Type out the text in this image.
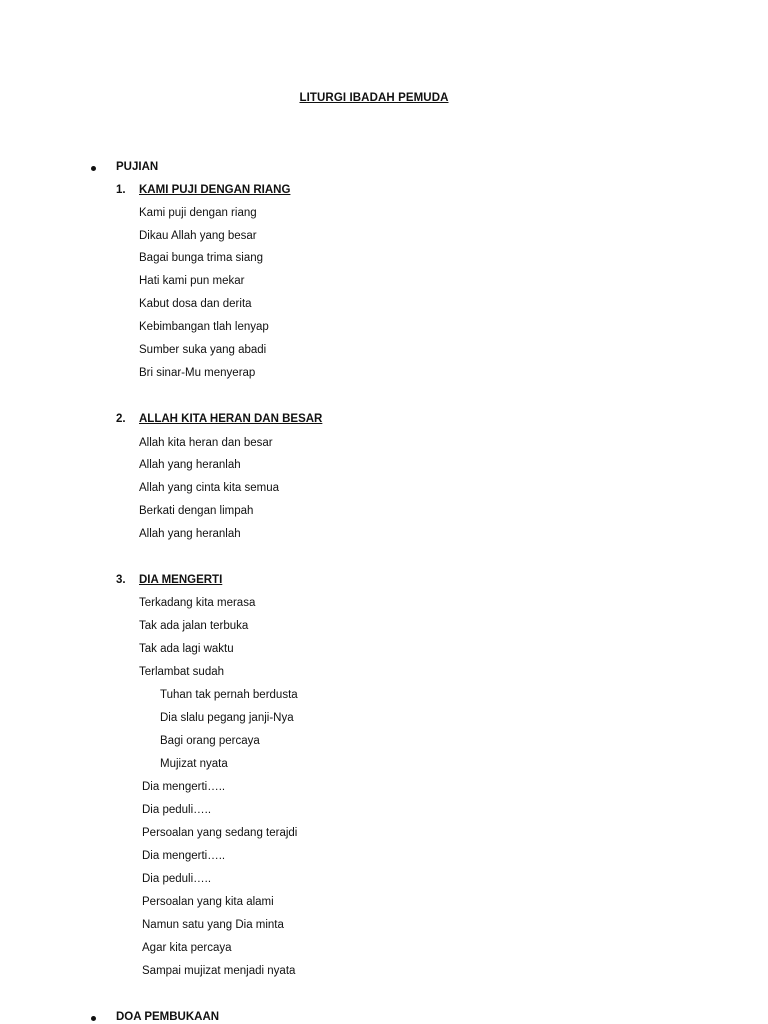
LITURGI IBADAH PEMUDA
PUJIAN
1. KAMI PUJI DENGAN RIANG
Kami puji dengan riang
Dikau Allah yang besar
Bagai bunga trima siang
Hati kami pun mekar
Kabut dosa dan derita
Kebimbangan tlah lenyap
Sumber suka yang abadi
Bri sinar-Mu menyerap
2. ALLAH KITA HERAN DAN BESAR
Allah kita heran dan besar
Allah yang heranlah
Allah yang cinta kita semua
Berkati dengan limpah
Allah yang heranlah
3. DIA MENGERTI
Terkadang kita merasa
Tak ada jalan terbuka
Tak ada lagi waktu
Terlambat sudah
Tuhan tak pernah berdusta
Dia slalu pegang janji-Nya
Bagi orang percaya
Mujizat nyata
Dia mengerti…..
Dia peduli…..
Persoalan yang sedang terajdi
Dia mengerti…..
Dia peduli…..
Persoalan yang kita alami
Namun satu yang Dia minta
Agar kita percaya
Sampai mujizat menjadi nyata
DOA PEMBUKAAN
